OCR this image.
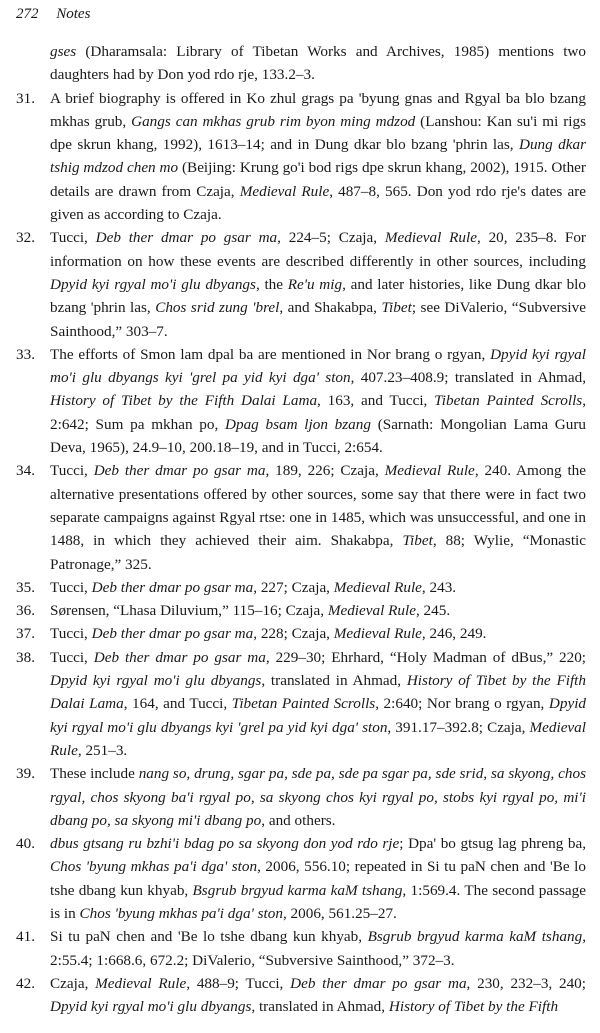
272 Notes
gses (Dharamsala: Library of Tibetan Works and Archives, 1985) mentions two daughters had by Don yod rdo rje, 133.2–3.
31. A brief biography is offered in Ko zhul grags pa 'byung gnas and Rgyal ba blo bzang mkhas grub, Gangs can mkhas grub rim byon ming mdzod (Lanshou: Kan su'i mi rigs dpe skrun khang, 1992), 1613–14; and in Dung dkar blo bzang 'phrin las, Dung dkar tshig mdzod chen mo (Beijing: Krung go'i bod rigs dpe skrun khang, 2002), 1915. Other details are drawn from Czaja, Medieval Rule, 487–8, 565. Don yod rdo rje's dates are given as according to Czaja.
32. Tucci, Deb ther dmar po gsar ma, 224–5; Czaja, Medieval Rule, 20, 235–8. For information on how these events are described differently in other sources, including Dpyid kyi rgyal mo'i glu dbyangs, the Re'u mig, and later histories, like Dung dkar blo bzang 'phrin las, Chos srid zung 'brel, and Shakabpa, Tibet; see DiValerio, “Subversive Sainthood,” 303–7.
33. The efforts of Smon lam dpal ba are mentioned in Nor brang o rgyan, Dpyid kyi rgyal mo'i glu dbyangs kyi 'grel pa yid kyi dga' ston, 407.23–408.9; translated in Ahmad, History of Tibet by the Fifth Dalai Lama, 163, and Tucci, Tibetan Painted Scrolls, 2:642; Sum pa mkhan po, Dpag bsam ljon bzang (Sarnath: Mongolian Lama Guru Deva, 1965), 24.9–10, 200.18–19, and in Tucci, 2:654.
34. Tucci, Deb ther dmar po gsar ma, 189, 226; Czaja, Medieval Rule, 240. Among the alternative presentations offered by other sources, some say that there were in fact two separate campaigns against Rgyal rtse: one in 1485, which was unsuccessful, and one in 1488, in which they achieved their aim. Shakabpa, Tibet, 88; Wylie, “Monastic Patronage,” 325.
35. Tucci, Deb ther dmar po gsar ma, 227; Czaja, Medieval Rule, 243.
36. Sørensen, “Lhasa Diluvium,” 115–16; Czaja, Medieval Rule, 245.
37. Tucci, Deb ther dmar po gsar ma, 228; Czaja, Medieval Rule, 246, 249.
38. Tucci, Deb ther dmar po gsar ma, 229–30; Ehrhard, “Holy Madman of dBus,” 220; Dpyid kyi rgyal mo'i glu dbyangs, translated in Ahmad, History of Tibet by the Fifth Dalai Lama, 164, and Tucci, Tibetan Painted Scrolls, 2:640; Nor brang o rgyan, Dpyid kyi rgyal mo'i glu dbyangs kyi 'grel pa yid kyi dga' ston, 391.17–392.8; Czaja, Medieval Rule, 251–3.
39. These include nang so, drung, sgar pa, sde pa, sde pa sgar pa, sde srid, sa skyong, chos rgyal, chos skyong ba'i rgyal po, sa skyong chos kyi rgyal po, stobs kyi rgyal po, mi'i dbang po, sa skyong mi'i dbang po, and others.
40. dbus gtsang ru bzhi'i bdag po sa skyong don yod rdo rje; Dpa' bo gtsug lag phreng ba, Chos 'byung mkhas pa'i dga' ston, 2006, 556.10; repeated in Si tu paN chen and 'Be lo tshe dbang kun khyab, Bsgrub brgyud karma kaM tshang, 1:569.4. The second passage is in Chos 'byung mkhas pa'i dga' ston, 2006, 561.25–27.
41. Si tu paN chen and 'Be lo tshe dbang kun khyab, Bsgrub brgyud karma kaM tshang, 2:55.4; 1:668.6, 672.2; DiValerio, “Subversive Sainthood,” 372–3.
42. Czaja, Medieval Rule, 488–9; Tucci, Deb ther dmar po gsar ma, 230, 232–3, 240; Dpyid kyi rgyal mo'i glu dbyangs, translated in Ahmad, History of Tibet by the Fifth
